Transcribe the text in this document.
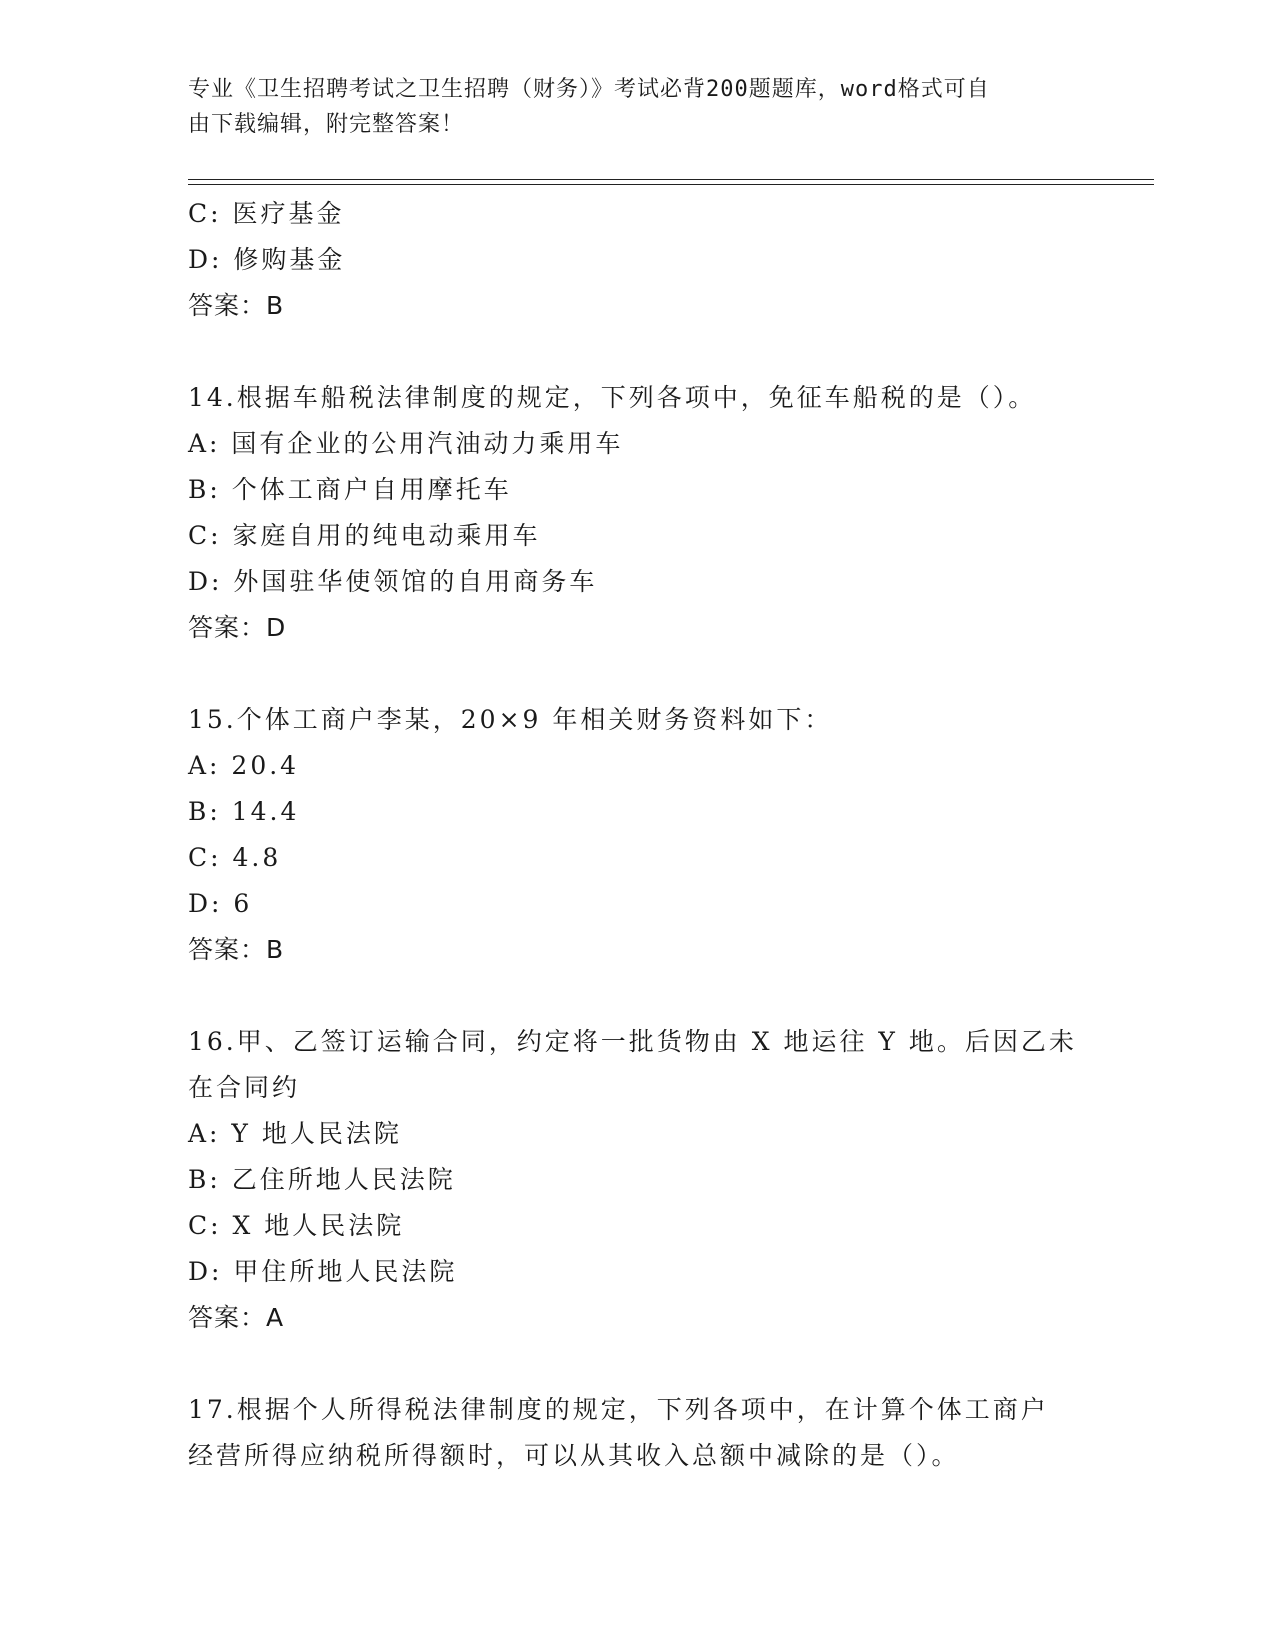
专业《卫生招聘考试之卫生招聘（财务）》考试必背200题题库，word格式可自
由下载编辑，附完整答案！
C: 医疗基金
D: 修购基金
答案：B
14.根据车船税法律制度的规定，下列各项中，免征车船税的是（）。
A: 国有企业的公用汽油动力乘用车
B: 个体工商户自用摩托车
C: 家庭自用的纯电动乘用车
D: 外国驻华使领馆的自用商务车
答案：D
15.个体工商户李某，20×9 年相关财务资料如下：
A: 20.4
B: 14.4
C: 4.8
D: 6
答案：B
16.甲、乙签订运输合同，约定将一批货物由 X 地运往 Y 地。后因乙未
在合同约
A: Y 地人民法院
B: 乙住所地人民法院
C: X 地人民法院
D: 甲住所地人民法院
答案：A
17.根据个人所得税法律制度的规定，下列各项中，在计算个体工商户
经营所得应纳税所得额时，可以从其收入总额中减除的是（）。
